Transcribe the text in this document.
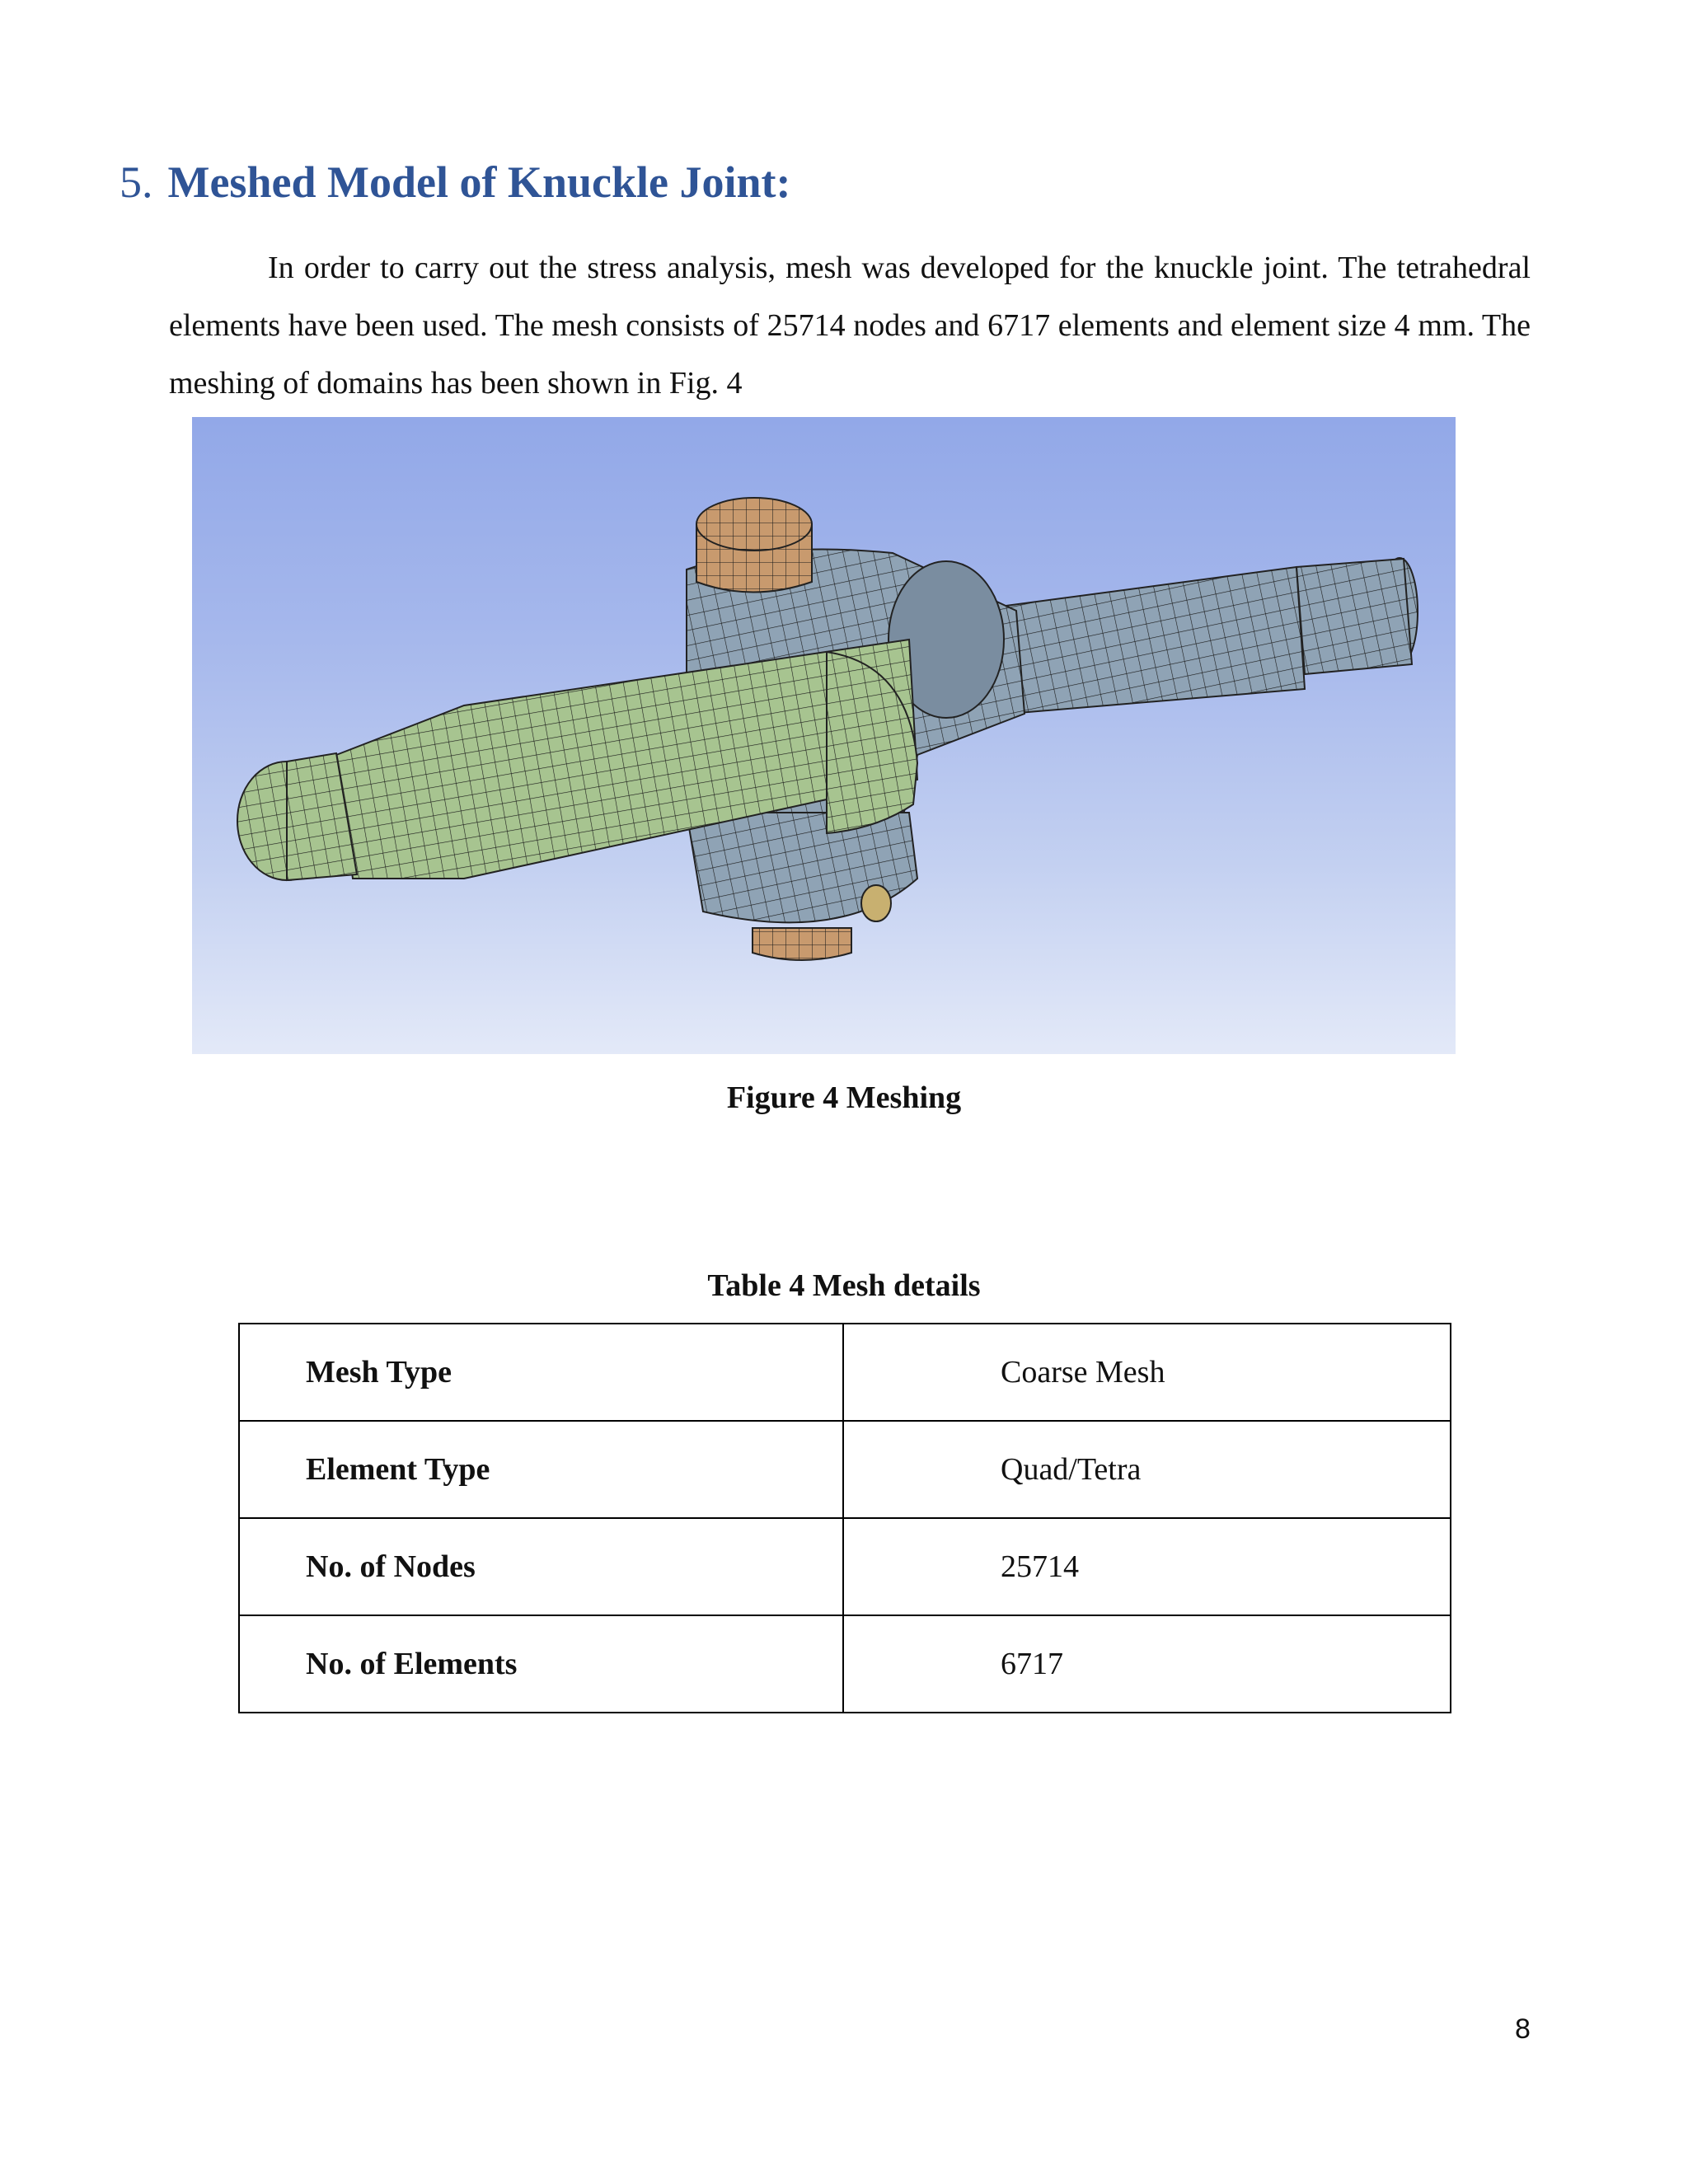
5. Meshed Model of Knuckle Joint:

In order to carry out the stress analysis, mesh was developed for the knuckle joint. The tetrahedral elements have been used. The mesh consists of 25714 nodes and 6717 elements and element size 4 mm. The meshing of domains has been shown in Fig. 4

Figure 4 Meshing

Table 4 Mesh details

Mesh Type	Coarse Mesh
Element Type	Quad/Tetra
No. of Nodes	25714
No. of Elements	6717
8
